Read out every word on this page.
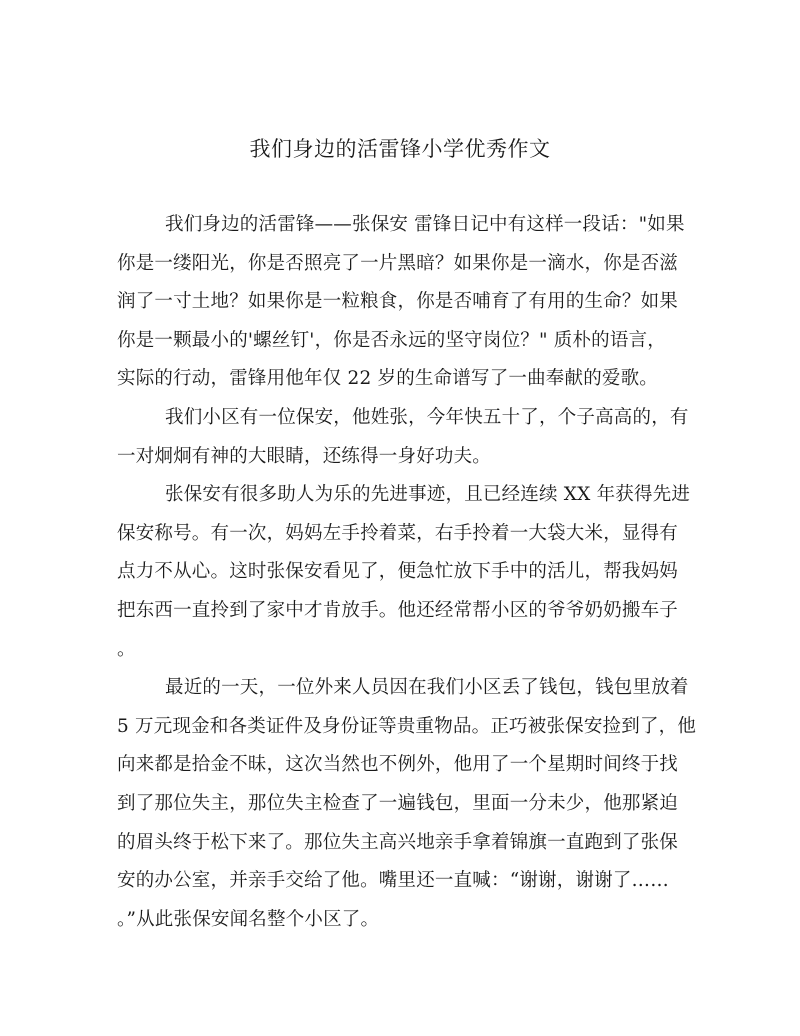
我们身边的活雷锋小学优秀作文
我们身边的活雷锋——张保安 雷锋日记中有这样一段话："如果
你是一缕阳光，你是否照亮了一片黑暗？如果你是一滴水，你是否滋
润了一寸土地？如果你是一粒粮食，你是否哺育了有用的生命？如果
你是一颗最小的'螺丝钉'，你是否永远的坚守岗位？" 质朴的语言，
实际的行动，雷锋用他年仅 22 岁的生命谱写了一曲奉献的爱歌。
我们小区有一位保安，他姓张，今年快五十了，个子高高的，有
一对炯炯有神的大眼睛，还练得一身好功夫。
张保安有很多助人为乐的先进事迹，且已经连续 XX 年获得先进
保安称号。有一次，妈妈左手拎着菜，右手拎着一大袋大米，显得有
点力不从心。这时张保安看见了，便急忙放下手中的活儿，帮我妈妈
把东西一直拎到了家中才肯放手。他还经常帮小区的爷爷奶奶搬车子
。
最近的一天，一位外来人员因在我们小区丢了钱包，钱包里放着
5 万元现金和各类证件及身份证等贵重物品。正巧被张保安捡到了，他
向来都是拾金不昧，这次当然也不例外，他用了一个星期时间终于找
到了那位失主，那位失主检查了一遍钱包，里面一分未少，他那紧迫
的眉头终于松下来了。那位失主高兴地亲手拿着锦旗一直跑到了张保
安的办公室，并亲手交给了他。嘴里还一直喊：“谢谢，谢谢了……
。”从此张保安闻名整个小区了。
